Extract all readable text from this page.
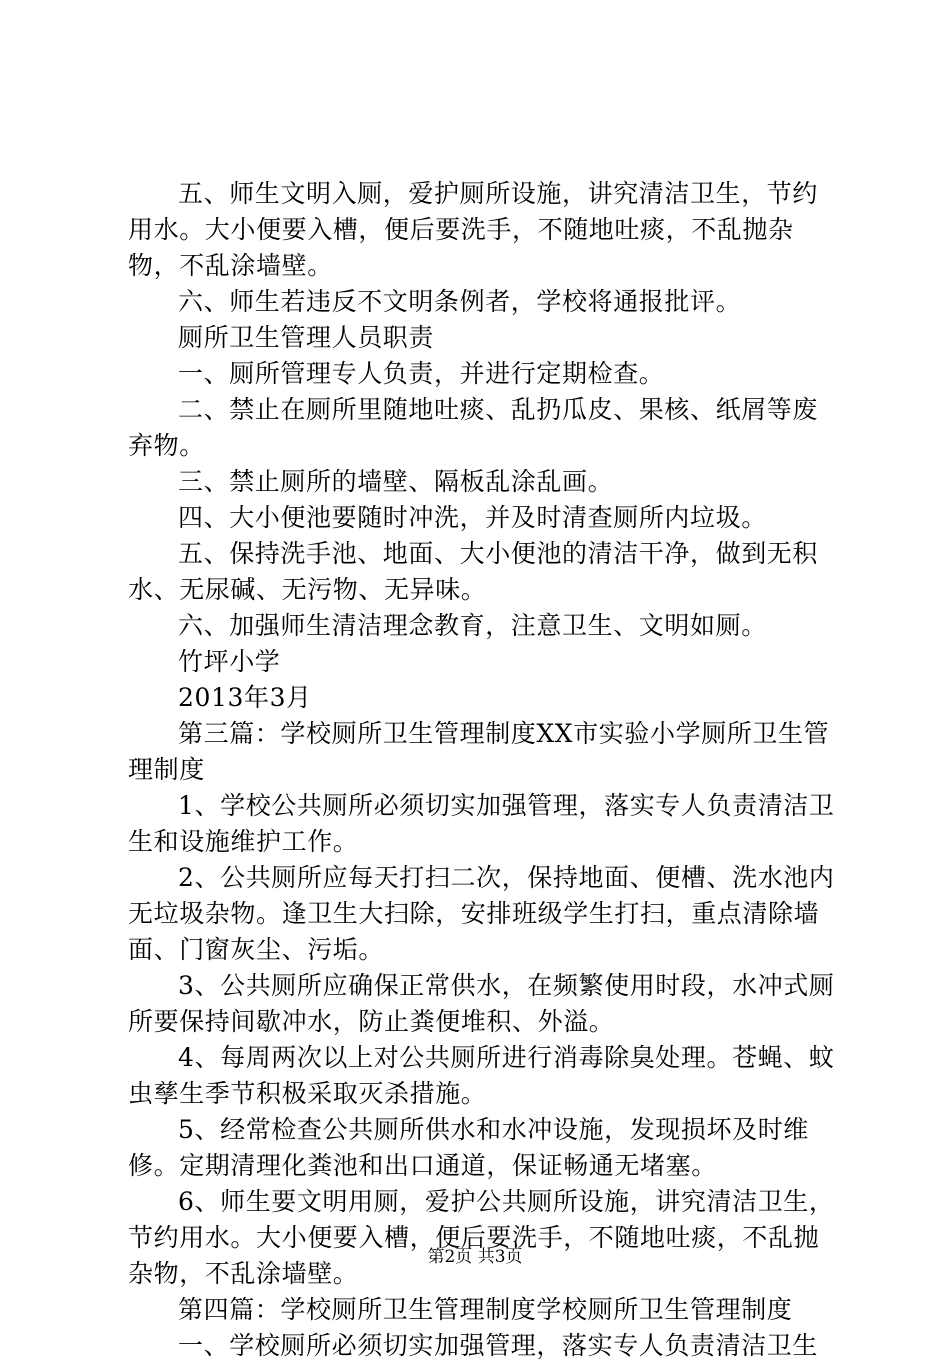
五、师生文明入厕，爱护厕所设施，讲究清洁卫生，节约用水。大小便要入槽，便后要洗手，不随地吐痰，不乱抛杂物，不乱涂墙壁。

六、师生若违反不文明条例者，学校将通报批评。

厕所卫生管理人员职责

一、厕所管理专人负责，并进行定期检查。

二、禁止在厕所里随地吐痰、乱扔瓜皮、果核、纸屑等废弃物。

三、禁止厕所的墙壁、隔板乱涂乱画。

四、大小便池要随时冲洗，并及时清查厕所内垃圾。

五、保持洗手池、地面、大小便池的清洁干净，做到无积水、无尿碱、无污物、无异味。

六、加强师生清洁理念教育，注意卫生、文明如厕。

竹坪小学

2013年3月

第三篇：学校厕所卫生管理制度XX市实验小学厕所卫生管理制度

1、学校公共厕所必须切实加强管理，落实专人负责清洁卫生和设施维护工作。

2、公共厕所应每天打扫二次，保持地面、便槽、洗水池内无垃圾杂物。逢卫生大扫除，安排班级学生打扫，重点清除墙面、门窗灰尘、污垢。

3、公共厕所应确保正常供水，在频繁使用时段，水冲式厕所要保持间歇冲水，防止粪便堆积、外溢。

4、每周两次以上对公共厕所进行消毒除臭处理。苍蝇、蚊虫孳生季节积极采取灭杀措施。

5、经常检查公共厕所供水和水冲设施，发现损坏及时维修。定期清理化粪池和出口通道，保证畅通无堵塞。

6、师生要文明用厕，爱护公共厕所设施，讲究清洁卫生，节约用水。大小便要入槽，便后要洗手，不随地吐痰，不乱抛杂物，不乱涂墙壁。

第四篇：学校厕所卫生管理制度学校厕所卫生管理制度

一、学校厕所必须切实加强管理，落实专人负责清洁卫生

第2页 共3页
